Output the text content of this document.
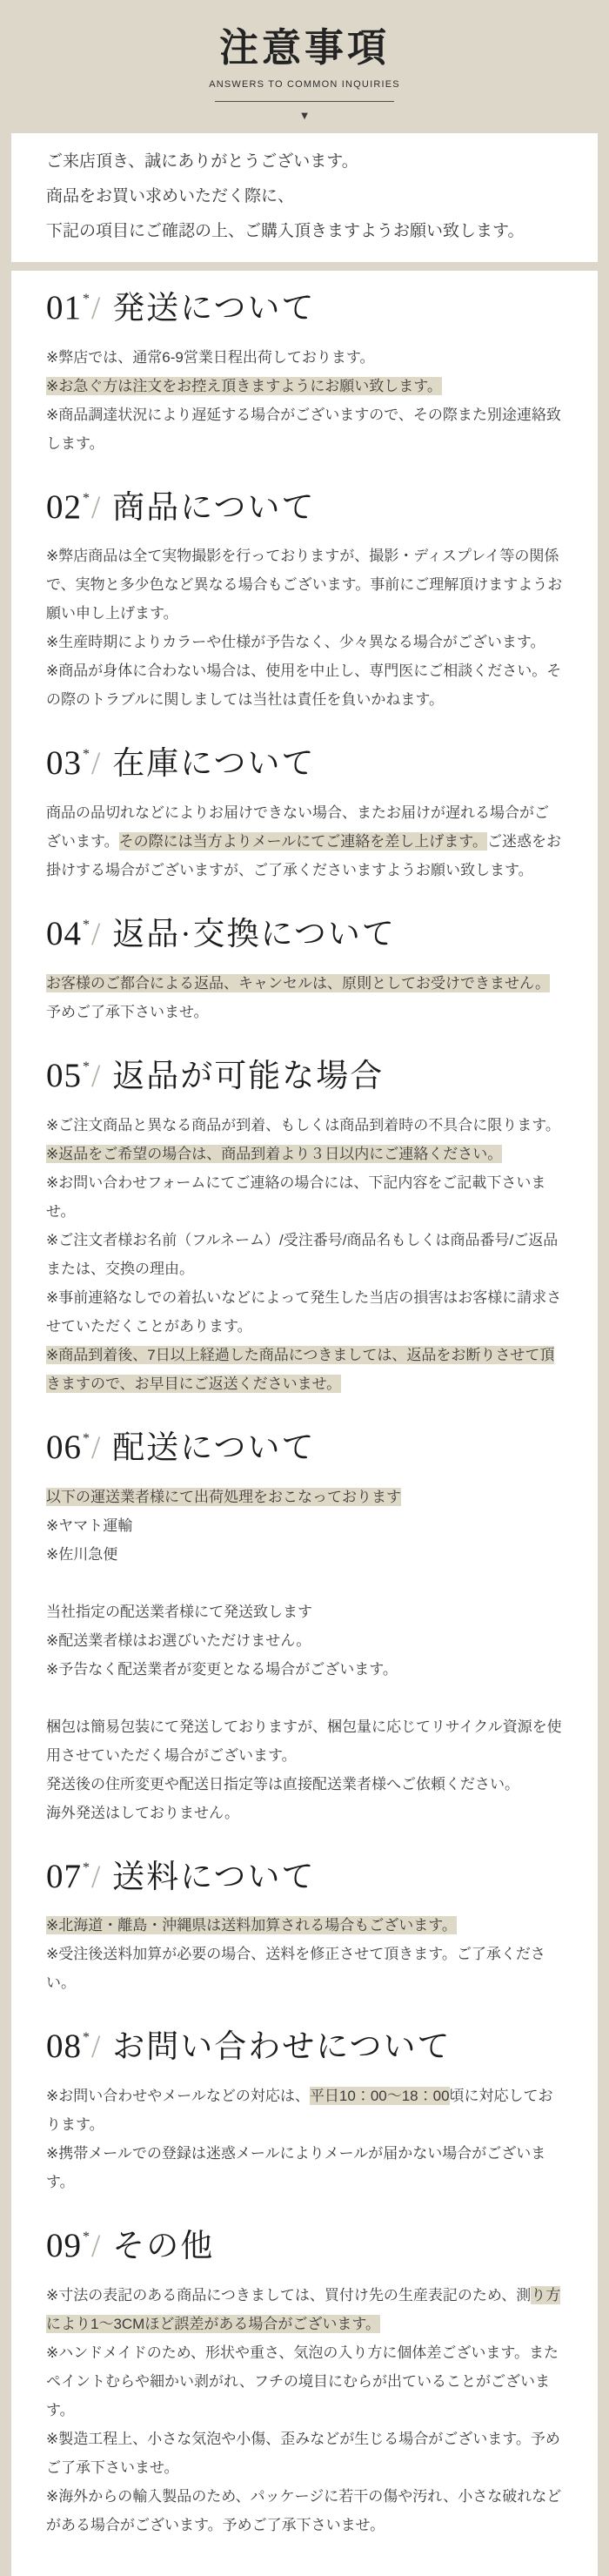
注意事項
ANSWERS TO COMMON INQUIRIES
▼

ご来店頂き、誠にありがとうございます。

商品をお買い求めいただく際に、

下記の項目にご確認の上、ご購入頂きますようお願い致します。

01*/ 発送について

※弊店では、通常6-9営業日程出荷しております。

※お急ぐ方は注文をお控え頂きますようにお願い致します。

※商品調達状況により遅延する場合がございますので、その際また別途連絡致します。

02*/ 商品について

※弊店商品は全て実物撮影を行っておりますが、撮影・ディスプレイ等の関係で、実物と多少色など異なる場合もございます。事前にご理解頂けますようお願い申し上げます。

※生産時期によりカラーや仕様が予告なく、少々異なる場合がございます。

※商品が身体に合わない場合は、使用を中止し、専門医にご相談ください。その際のトラブルに関しましては当社は責任を負いかねます。

03*/ 在庫について

商品の品切れなどによりお届けできない場合、またお届けが遅れる場合がございます。その際には当方よりメールにてご連絡を差し上げます。ご迷惑をお掛けする場合がございますが、ご了承くださいますようお願い致します。

04*/ 返品·交換について

お客様のご都合による返品、キャンセルは、原則としてお受けできません。

予めご了承下さいませ。

05*/ 返品が可能な場合

※ご注文商品と異なる商品が到着、もしくは商品到着時の不具合に限ります。

※返品をご希望の場合は、商品到着より３日以内にご連絡ください。

※お問い合わせフォームにてご連絡の場合には、下記内容をご記載下さいませ。

※ご注文者様お名前（フルネーム）/受注番号/商品名もしくは商品番号/ご返品または、交換の理由。

※事前連絡なしでの着払いなどによって発生した当店の損害はお客様に請求させていただくことがあります。

※商品到着後、7日以上経過した商品につきましては、返品をお断りさせて頂きますので、お早目にご返送くださいませ。

06*/ 配送について

以下の運送業者様にて出荷処理をおこなっております

※ヤマト運輸

※佐川急便

当社指定の配送業者様にて発送致します

※配送業者様はお選びいただけません。

※予告なく配送業者が変更となる場合がございます。

梱包は簡易包装にて発送しておりますが、梱包量に応じてリサイクル資源を使用させていただく場合がございます。

発送後の住所変更や配送日指定等は直接配送業者様へご依頼ください。

海外発送はしておりません。

07*/ 送料について

※北海道・離島・沖縄県は送料加算される場合もございます。

※受注後送料加算が必要の場合、送料を修正させて頂きます。ご了承ください。

08*/ お問い合わせについて

※お問い合わせやメールなどの対応は、平日10：00～18：00頃に対応しております。

※携帯メールでの登録は迷惑メールによりメールが届かない場合がございます。

09*/ その他

※寸法の表記のある商品につきましては、買付け先の生産表記のため、測り方により1～3CMほど誤差がある場合がございます。

※ハンドメイドのため、形状や重さ、気泡の入り方に個体差ございます。またペイントむらや細かい剥がれ、フチの境目にむらが出ていることがございます。

※製造工程上、小さな気泡や小傷、歪みなどが生じる場合がございます。予めご了承下さいませ。

※海外からの輸入製品のため、パッケージに若干の傷や汚れ、小さな破れなどがある場合がございます。予めご了承下さいませ。
